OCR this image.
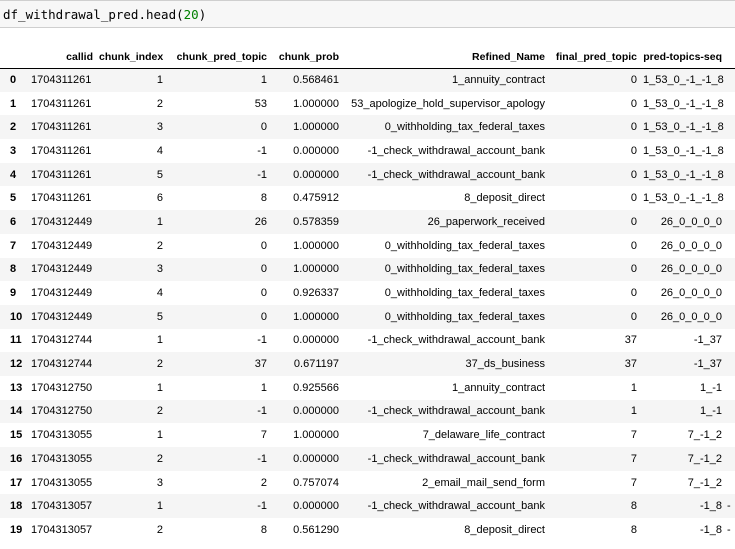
df_withdrawal_pred.head(20)
	callid	chunk_index	chunk_pred_topic	chunk_prob	Refined_Name	final_pred_topic	pred-topics-seq	
0	1704311261	1	1	0.568461	1_annuity_contract	0	1_53_0_-1_-1_8	
1	1704311261	2	53	1.000000	53_apologize_hold_supervisor_apology	0	1_53_0_-1_-1_8	
2	1704311261	3	0	1.000000	0_withholding_tax_federal_taxes	0	1_53_0_-1_-1_8	
3	1704311261	4	-1	0.000000	-1_check_withdrawal_account_bank	0	1_53_0_-1_-1_8	
4	1704311261	5	-1	0.000000	-1_check_withdrawal_account_bank	0	1_53_0_-1_-1_8	
5	1704311261	6	8	0.475912	8_deposit_direct	0	1_53_0_-1_-1_8	
6	1704312449	1	26	0.578359	26_paperwork_received	0	26_0_0_0_0	
7	1704312449	2	0	1.000000	0_withholding_tax_federal_taxes	0	26_0_0_0_0	
8	1704312449	3	0	1.000000	0_withholding_tax_federal_taxes	0	26_0_0_0_0	
9	1704312449	4	0	0.926337	0_withholding_tax_federal_taxes	0	26_0_0_0_0	
10	1704312449	5	0	1.000000	0_withholding_tax_federal_taxes	0	26_0_0_0_0	
11	1704312744	1	-1	0.000000	-1_check_withdrawal_account_bank	37	-1_37	
12	1704312744	2	37	0.671197	37_ds_business	37	-1_37	
13	1704312750	1	1	0.925566	1_annuity_contract	1	1_-1	
14	1704312750	2	-1	0.000000	-1_check_withdrawal_account_bank	1	1_-1	
15	1704313055	1	7	1.000000	7_delaware_life_contract	7	7_-1_2	
16	1704313055	2	-1	0.000000	-1_check_withdrawal_account_bank	7	7_-1_2	
17	1704313055	3	2	0.757074	2_email_mail_send_form	7	7_-1_2	
18	1704313057	1	-1	0.000000	-1_check_withdrawal_account_bank	8	-1_8	-
19	1704313057	2	8	0.561290	8_deposit_direct	8	-1_8	-
